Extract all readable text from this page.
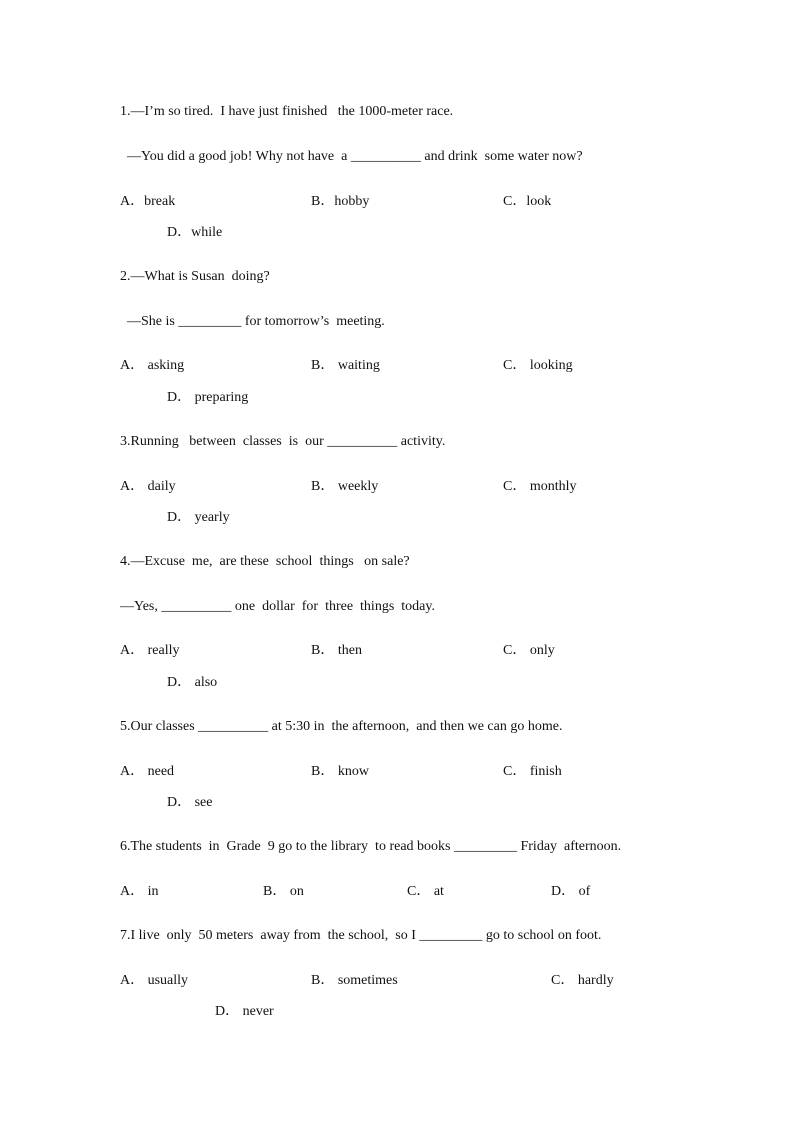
1.—I’m so tired.  I have just finished   the 1000-meter race.
—You did a good job! Why not have  a __________ and drink  some water now?
A．break	B．hobby	C．look
D．while
2.—What is Susan  doing?
—She is _________ for tomorrow’s  meeting.
A． asking	B． waiting	C． looking
D． preparing
3.Running   between  classes  is  our __________ activity.
A． daily	B． weekly	C． monthly
D． yearly
4.—Excuse  me,  are these  school  things   on sale?
—Yes, __________ one  dollar  for  three  things  today.
A． really	B． then	C． only
D． also
5.Our classes __________ at 5:30 in  the afternoon,  and then we can go home.
A． need	B． know	C． finish
D． see
6.The students  in  Grade  9 go to the library  to read books _________ Friday  afternoon.
A． in	B． on	C． at	D． of
7.I live  only  50 meters  away from  the school,  so I _________ go to school on foot.
A． usually	B． sometimes	C． hardly
D． never
